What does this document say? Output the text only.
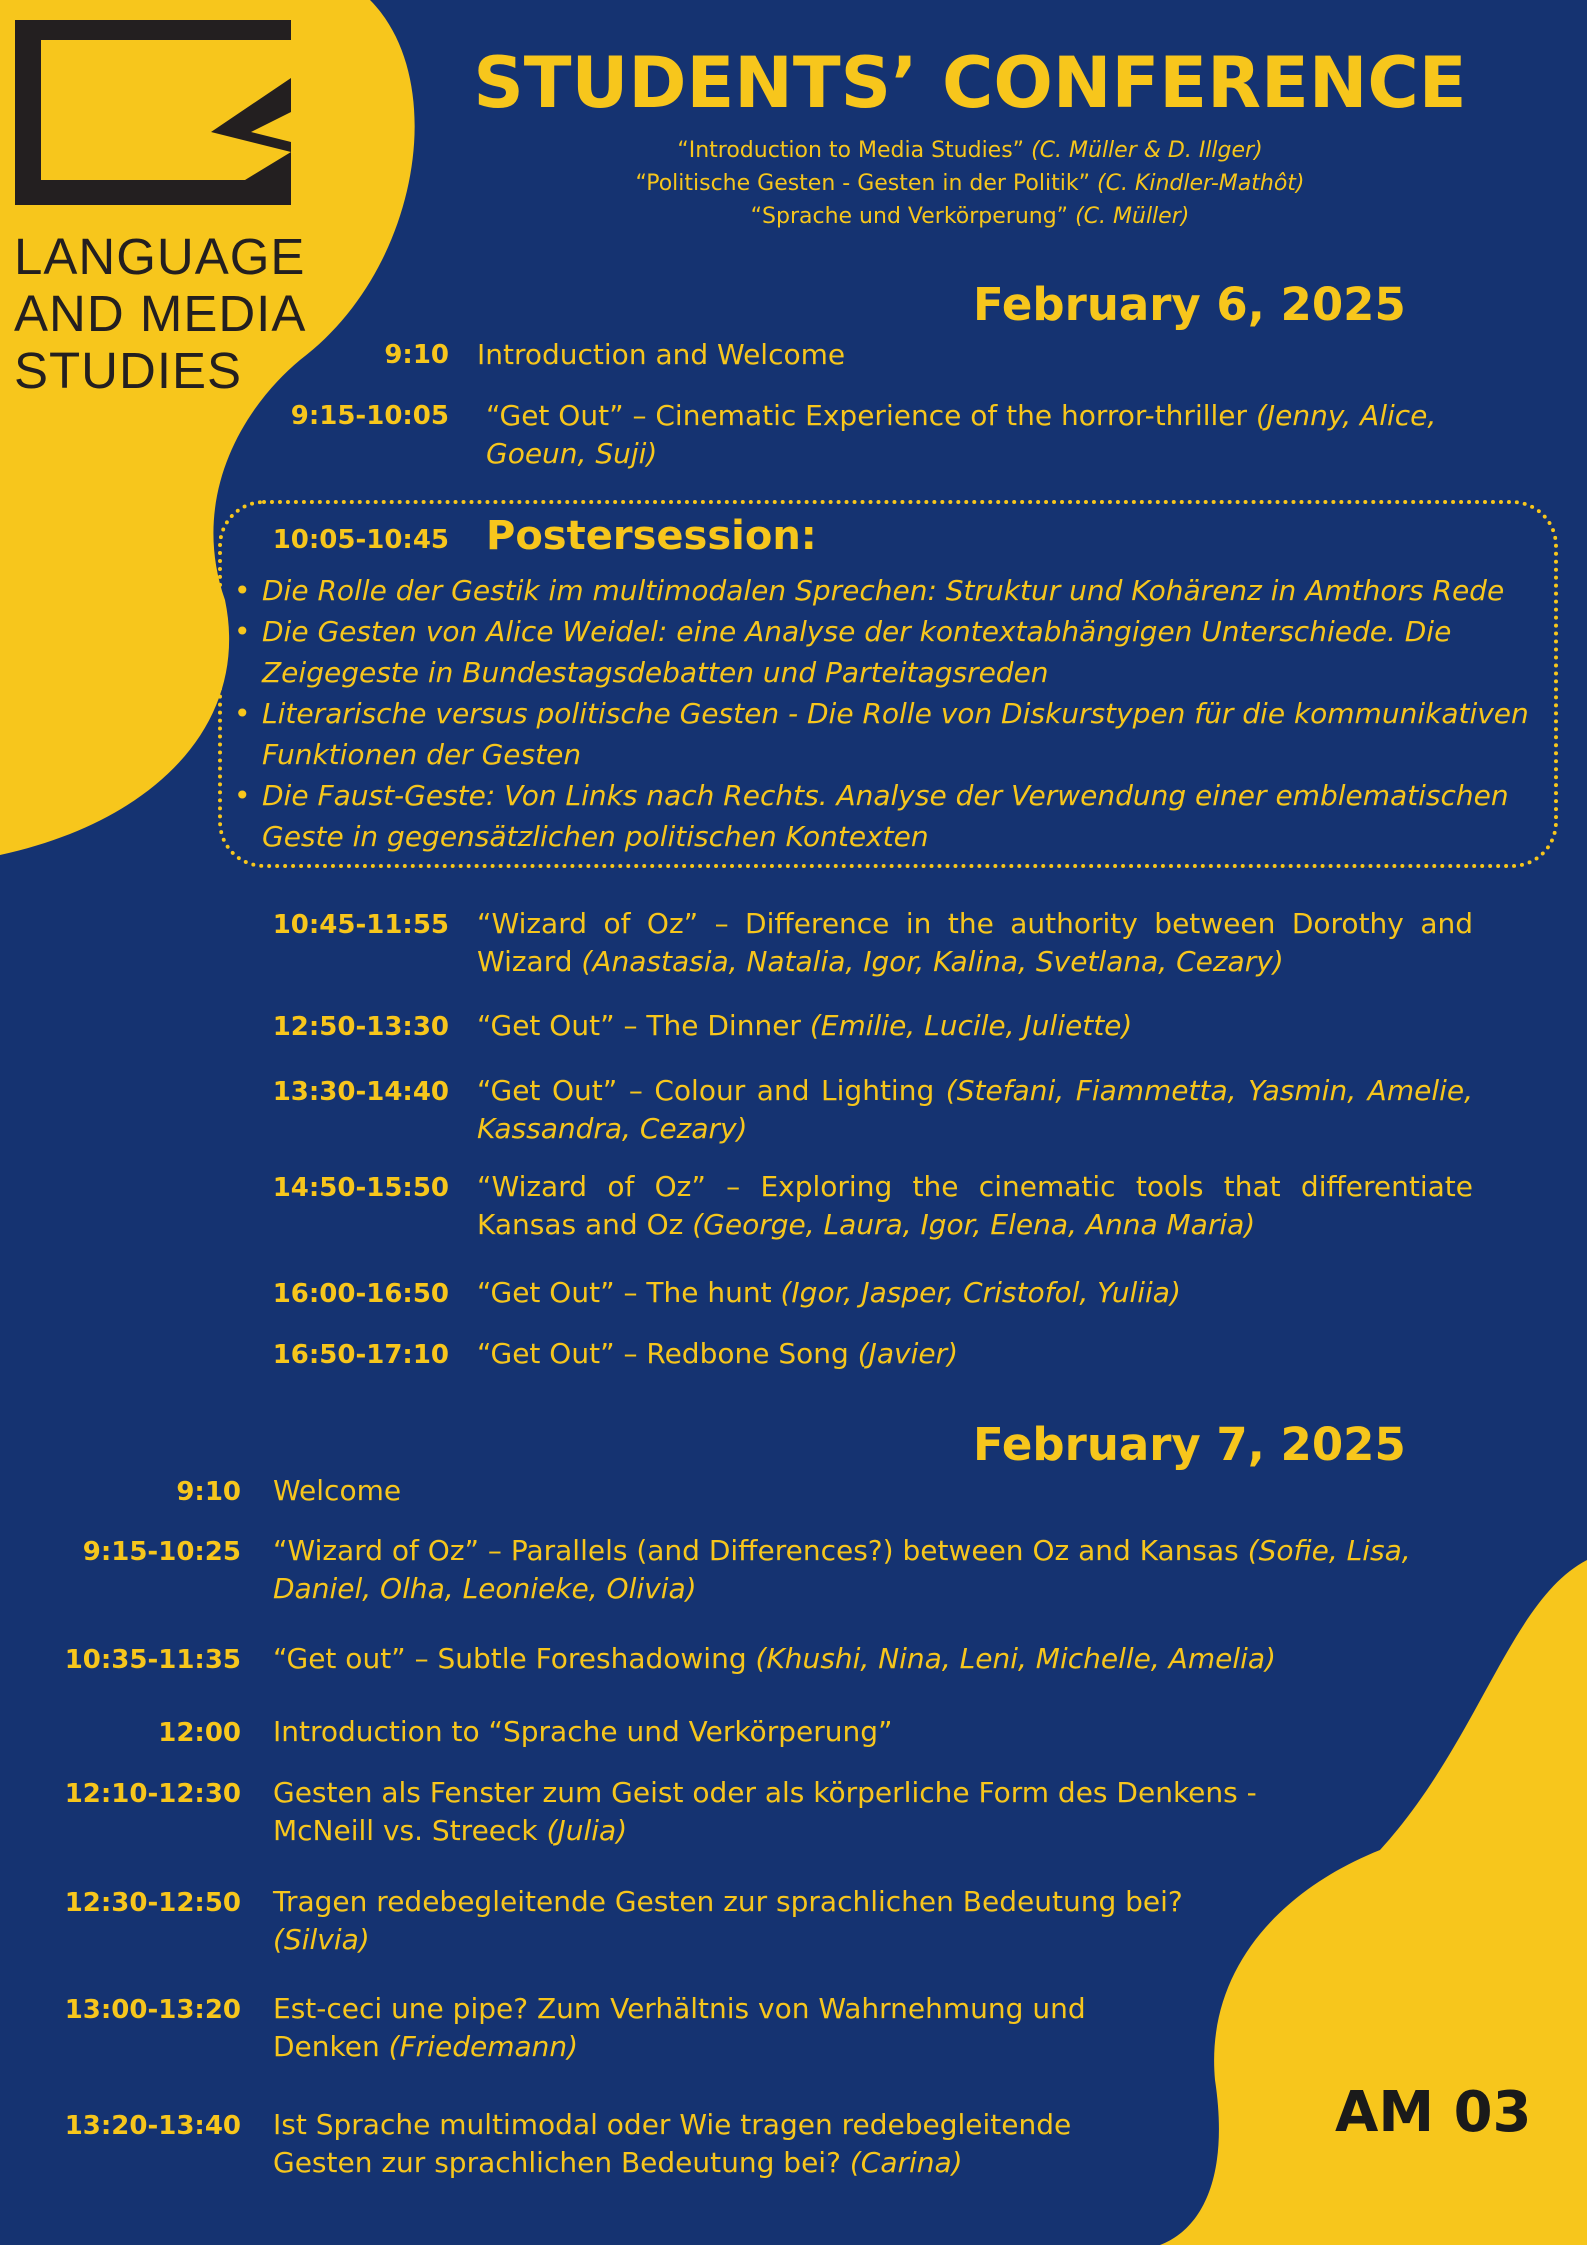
LANGUAGE
AND MEDIA
STUDIES
STUDENTS’ CONFERENCE
“Introduction to Media Studies” (C. Müller & D. Illger)
“Politische Gesten - Gesten in der Politik” (C. Kindler-Mathôt)
“Sprache und Verkörperung” (C. Müller)
February 6, 2025
9:10 Introduction and Welcome
9:15-10:05 “Get Out” – Cinematic Experience of the horror-thriller (Jenny, Alice, Goeun, Suji)
10:05-10:45 Postersession:
• Die Rolle der Gestik im multimodalen Sprechen: Struktur und Kohärenz in Amthors Rede
• Die Gesten von Alice Weidel: eine Analyse der kontextabhängigen Unterschiede. Die Zeigegeste in Bundestagsdebatten und Parteitagsreden
• Literarische versus politische Gesten - Die Rolle von Diskurstypen für die kommunikativen Funktionen der Gesten
• Die Faust-Geste: Von Links nach Rechts. Analyse der Verwendung einer emblematischen Geste in gegensätzlichen politischen Kontexten
10:45-11:55 “Wizard of Oz” – Difference in the authority between Dorothy and Wizard (Anastasia, Natalia, Igor, Kalina, Svetlana, Cezary)
12:50-13:30 “Get Out” – The Dinner (Emilie, Lucile, Juliette)
13:30-14:40 “Get Out” – Colour and Lighting (Stefani, Fiammetta, Yasmin, Amelie, Kassandra, Cezary)
14:50-15:50 “Wizard of Oz” – Exploring the cinematic tools that differentiate Kansas and Oz (George, Laura, Igor, Elena, Anna Maria)
16:00-16:50 “Get Out” – The hunt (Igor, Jasper, Cristofol, Yuliia)
16:50-17:10 “Get Out” – Redbone Song (Javier)
February 7, 2025
9:10 Welcome
9:15-10:25 “Wizard of Oz” – Parallels (and Differences?) between Oz and Kansas (Sofie, Lisa, Daniel, Olha, Leonieke, Olivia)
10:35-11:35 “Get out” – Subtle Foreshadowing (Khushi, Nina, Leni, Michelle, Amelia)
12:00 Introduction to “Sprache und Verkörperung”
12:10-12:30 Gesten als Fenster zum Geist oder als körperliche Form des Denkens - McNeill vs. Streeck (Julia)
12:30-12:50 Tragen redebegleitende Gesten zur sprachlichen Bedeutung bei? (Silvia)
13:00-13:20 Est-ceci une pipe? Zum Verhältnis von Wahrnehmung und Denken (Friedemann)
13:20-13:40 Ist Sprache multimodal oder Wie tragen redebegleitende Gesten zur sprachlichen Bedeutung bei? (Carina)
AM 03
